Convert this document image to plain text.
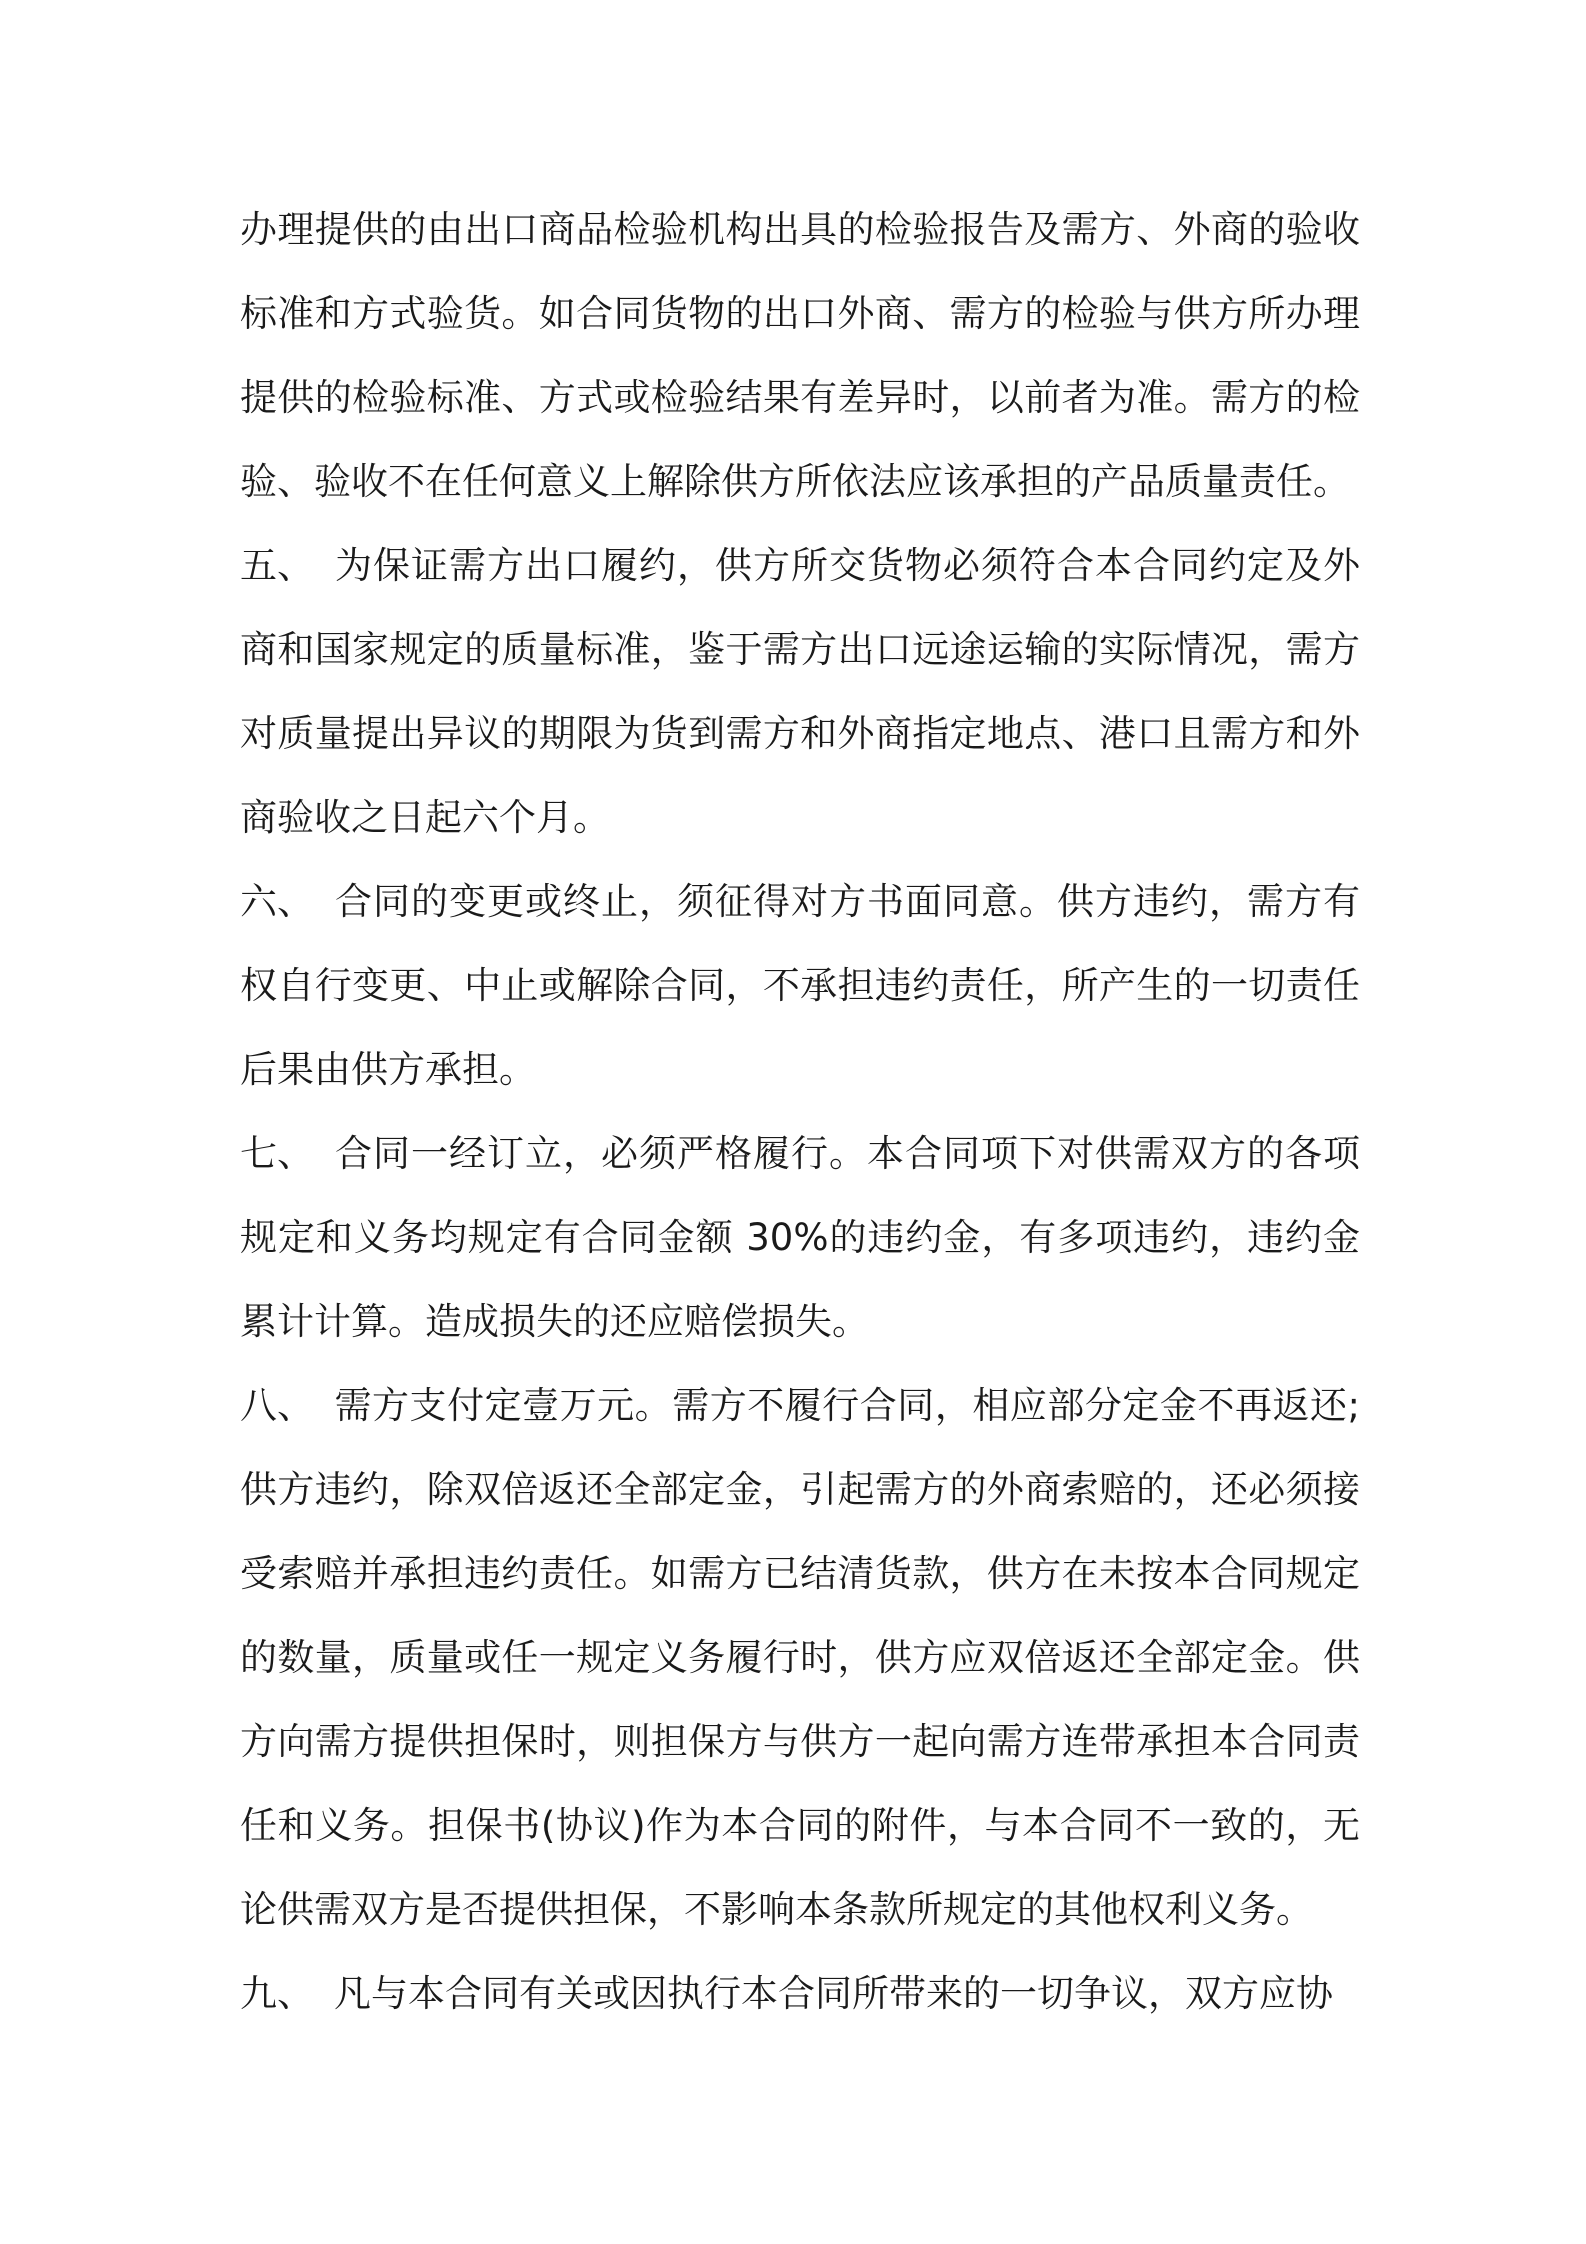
办理提供的由出口商品检验机构出具的检验报告及需方、外商的验收标准和方式验货。如合同货物的出口外商、需方的检验与供方所办理提供的检验标准、方式或检验结果有差异时，以前者为准。需方的检验、验收不在任何意义上解除供方所依法应该承担的产品质量责任。

五、 为保证需方出口履约，供方所交货物必须符合本合同约定及外商和国家规定的质量标准，鉴于需方出口远途运输的实际情况，需方对质量提出异议的期限为货到需方和外商指定地点、港口且需方和外商验收之日起六个月。

六、 合同的变更或终止，须征得对方书面同意。供方违约，需方有权自行变更、中止或解除合同，不承担违约责任，所产生的一切责任后果由供方承担。

七、 合同一经订立，必须严格履行。本合同项下对供需双方的各项规定和义务均规定有合同金额 30%的违约金，有多项违约，违约金累计计算。造成损失的还应赔偿损失。

八、 需方支付定壹万元。需方不履行合同，相应部分定金不再返还;供方违约，除双倍返还全部定金，引起需方的外商索赔的，还必须接受索赔并承担违约责任。如需方已结清货款，供方在未按本合同规定的数量，质量或任一规定义务履行时，供方应双倍返还全部定金。供方向需方提供担保时，则担保方与供方一起向需方连带承担本合同责任和义务。担保书(协议)作为本合同的附件，与本合同不一致的，无论供需双方是否提供担保，不影响本条款所规定的其他权利义务。

九、 凡与本合同有关或因执行本合同所带来的一切争议，双方应协
